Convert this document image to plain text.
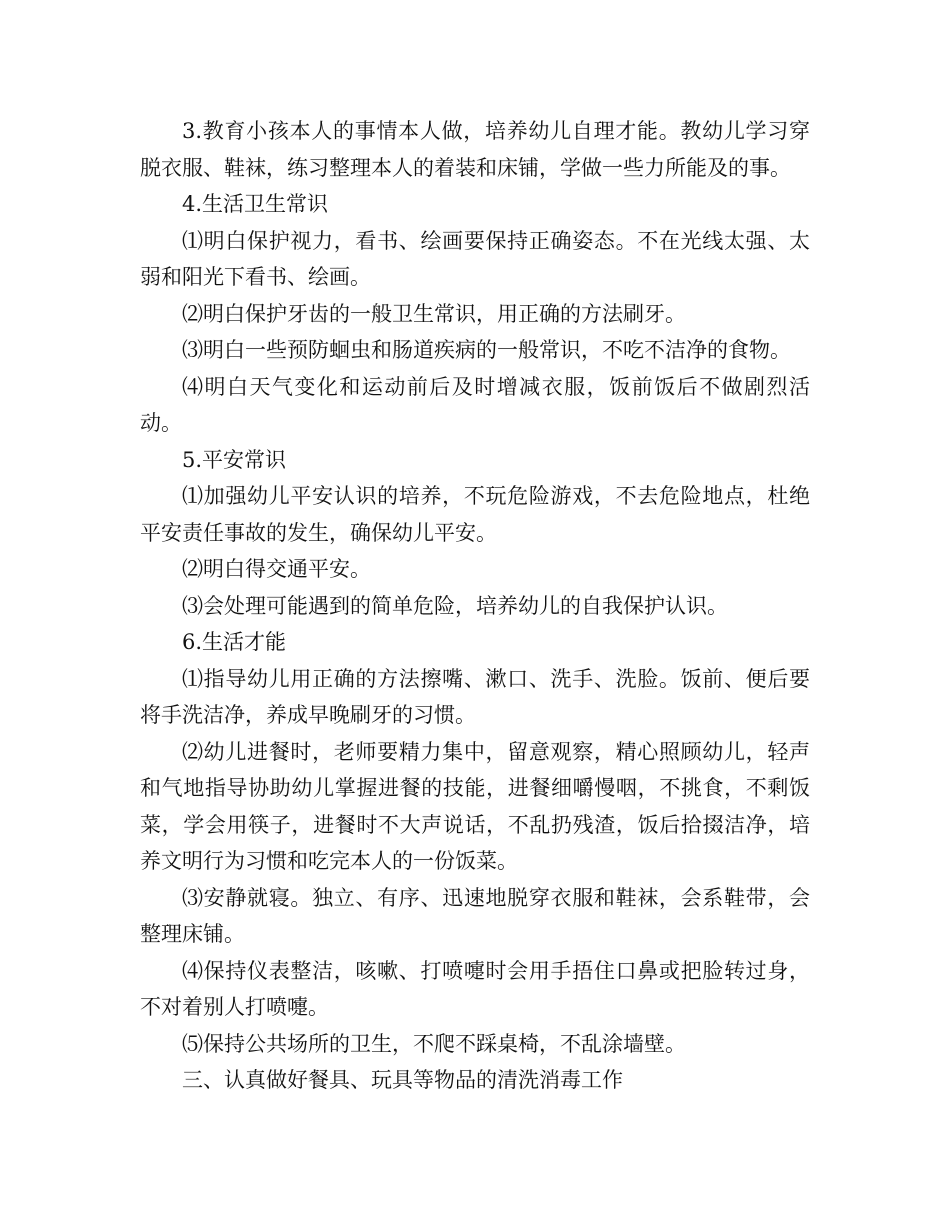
3.教育小孩本人的事情本人做，培养幼儿自理才能。教幼儿学习穿脱衣服、鞋袜，练习整理本人的着装和床铺，学做一些力所能及的事。

4.生活卫生常识

⑴明白保护视力，看书、绘画要保持正确姿态。不在光线太强、太弱和阳光下看书、绘画。

⑵明白保护牙齿的一般卫生常识，用正确的方法刷牙。

⑶明白一些预防蛔虫和肠道疾病的一般常识，不吃不洁净的食物。

⑷明白天气变化和运动前后及时增减衣服，饭前饭后不做剧烈活动。

5.平安常识

⑴加强幼儿平安认识的培养，不玩危险游戏，不去危险地点，杜绝平安责任事故的发生，确保幼儿平安。

⑵明白得交通平安。

⑶会处理可能遇到的简单危险，培养幼儿的自我保护认识。

6.生活才能

⑴指导幼儿用正确的方法擦嘴、漱口、洗手、洗脸。饭前、便后要将手洗洁净，养成早晚刷牙的习惯。

⑵幼儿进餐时，老师要精力集中，留意观察，精心照顾幼儿，轻声和气地指导协助幼儿掌握进餐的技能，进餐细嚼慢咽，不挑食，不剩饭菜，学会用筷子，进餐时不大声说话，不乱扔残渣，饭后拾掇洁净，培养文明行为习惯和吃完本人的一份饭菜。

⑶安静就寝。独立、有序、迅速地脱穿衣服和鞋袜，会系鞋带，会整理床铺。

⑷保持仪表整洁，咳嗽、打喷嚏时会用手捂住口鼻或把脸转过身，不对着别人打喷嚏。

⑸保持公共场所的卫生，不爬不踩桌椅，不乱涂墙壁。

三、认真做好餐具、玩具等物品的清洗消毒工作
